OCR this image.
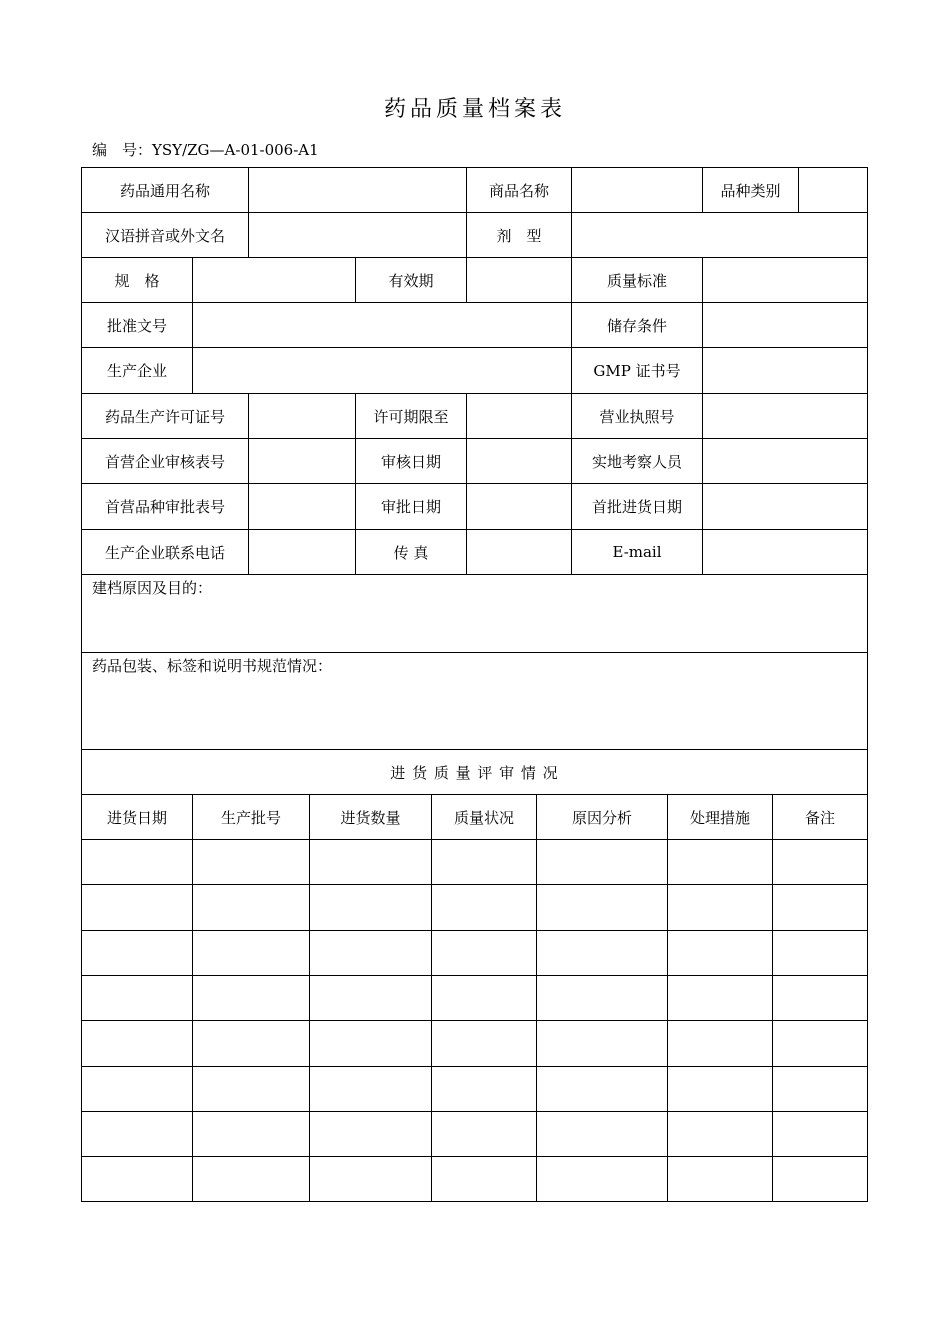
药品质量档案表
编　号：YSY/ZG—A-01-006-A1
药品通用名称	商品名称	品种类别
汉语拼音或外文名	剂　型
规　格	有效期	质量标准
批准文号	储存条件
生产企业	GMP 证书号
药品生产许可证号	许可期限至	营业执照号
首营企业审核表号	审核日期	实地考察人员
首营品种审批表号	审批日期	首批进货日期
生产企业联系电话	传 真	E-mail
建档原因及目的：
药品包装、标签和说明书规范情况：
进 货 质 量 评 审 情 况
进货日期	生产批号	进货数量	质量状况	原因分析	处理措施	备注
